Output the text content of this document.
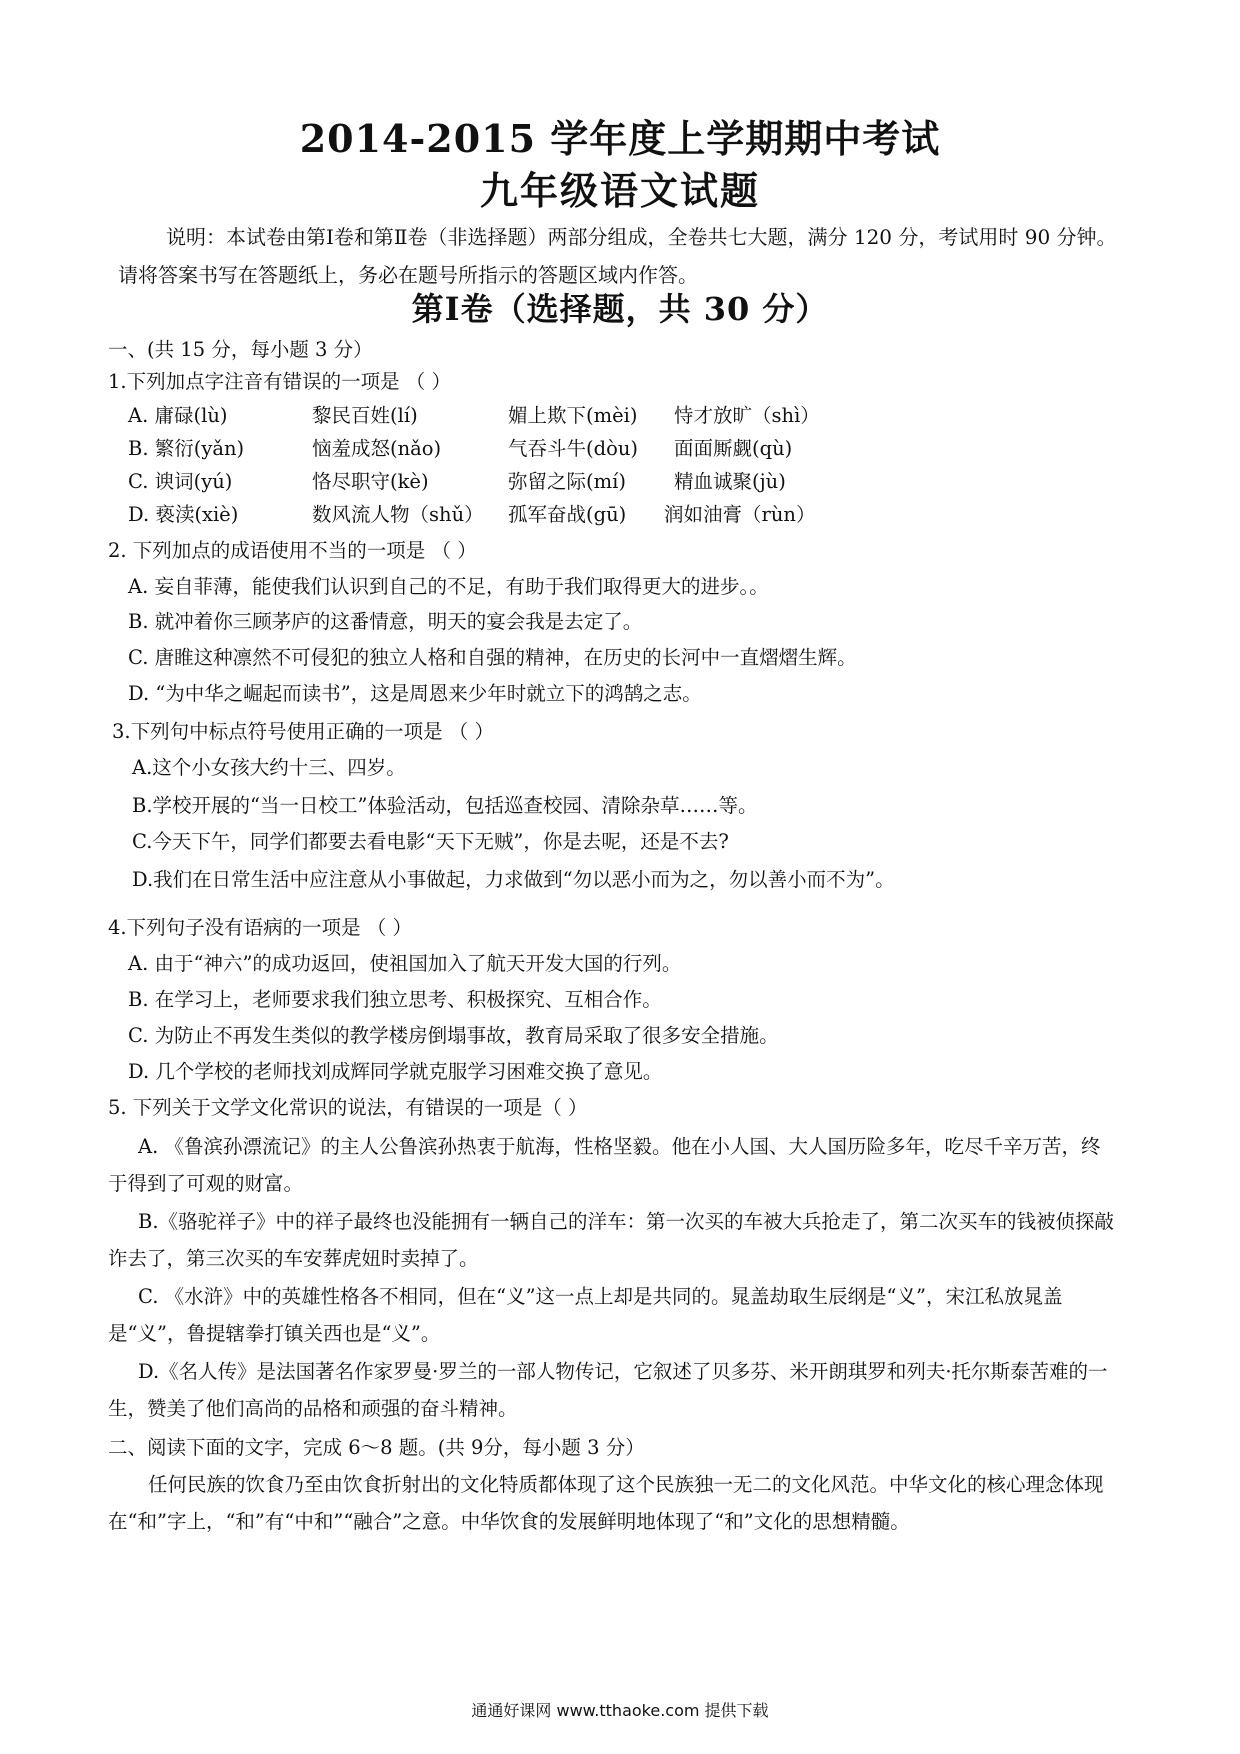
2014-2015 学年度上学期期中考试
九年级语文试题
说明：本试卷由第Ⅰ卷和第Ⅱ卷（非选择题）两部分组成，全卷共七大题，满分 120 分，考试用时 90 分钟。请将答案书写在答题纸上，务必在题号所指示的答题区域内作答。
第Ⅰ卷（选择题，共 30 分）
一、(共 15 分，每小题 3 分）
1.下列加点字注音有错误的一项是 （ ）
A. 庸碌(lù)	黎民百姓(lí)	媚上欺下(mèi) 恃才放旷（shì）
B. 繁衍(yǎn)	恼羞成怒(nǎo)	气吞斗牛(dòu) 面面厮觑(qù)
C. 谀词(yú)	恪尽职守(kè)	弥留之际(mí) 精血诚聚(jù)
D. 亵渎(xiè)	数风流人物（shǔ） 孤军奋战(gū) 润如油膏（rùn）
2. 下列加点的成语使用不当的一项是 （ ）
A. 妄自菲薄，能使我们认识到自己的不足，有助于我们取得更大的进步。。
B. 就冲着你三顾茅庐的这番情意，明天的宴会我是去定了。
C. 唐睢这种凛然不可侵犯的独立人格和自强的精神，在历史的长河中一直熠熠生辉。
D. “为中华之崛起而读书”，这是周恩来少年时就立下的鸿鹄之志。
3.下列句中标点符号使用正确的一项是 （ ）
A.这个小女孩大约十三、四岁。
B.学校开展的“当一日校工”体验活动，包括巡查校园、清除杂草……等。
C.今天下午，同学们都要去看电影“天下无贼”，你是去呢，还是不去?
D.我们在日常生活中应注意从小事做起，力求做到“勿以恶小而为之，勿以善小而不为”。
4.下列句子没有语病的一项是 （ ）
A. 由于“神六”的成功返回，使祖国加入了航天开发大国的行列。
B. 在学习上，老师要求我们独立思考、积极探究、互相合作。
C. 为防止不再发生类似的教学楼房倒塌事故，教育局采取了很多安全措施。
D. 几个学校的老师找刘成辉同学就克服学习困难交换了意见。
5. 下列关于文学文化常识的说法，有错误的一项是（ ）
A. 《鲁滨孙漂流记》的主人公鲁滨孙热衷于航海，性格坚毅。他在小人国、大人国历险多年，吃尽千辛万苦，终于得到了可观的财富。
B.《骆驼祥子》中的祥子最终也没能拥有一辆自己的洋车：第一次买的车被大兵抢走了，第二次买车的钱被侦探敲诈去了，第三次买的车安葬虎妞时卖掉了。
C. 《水浒》中的英雄性格各不相同，但在“义”这一点上却是共同的。晁盖劫取生辰纲是“义”，宋江私放晁盖是“义”，鲁提辖拳打镇关西也是“义”。
D.《名人传》是法国著名作家罗曼·罗兰的一部人物传记，它叙述了贝多芬、米开朗琪罗和列夫·托尔斯泰苦难的一生，赞美了他们高尚的品格和顽强的奋斗精神。
二、阅读下面的文字，完成 6～8 题。(共 9分，每小题 3 分）
任何民族的饮食乃至由饮食折射出的文化特质都体现了这个民族独一无二的文化风范。中华文化的核心理念体现在“和”字上，“和”有“中和”“融合”之意。中华饮食的发展鲜明地体现了“和”文化的思想精髓。
通通好课网 www.tthaoke.com 提供下载
